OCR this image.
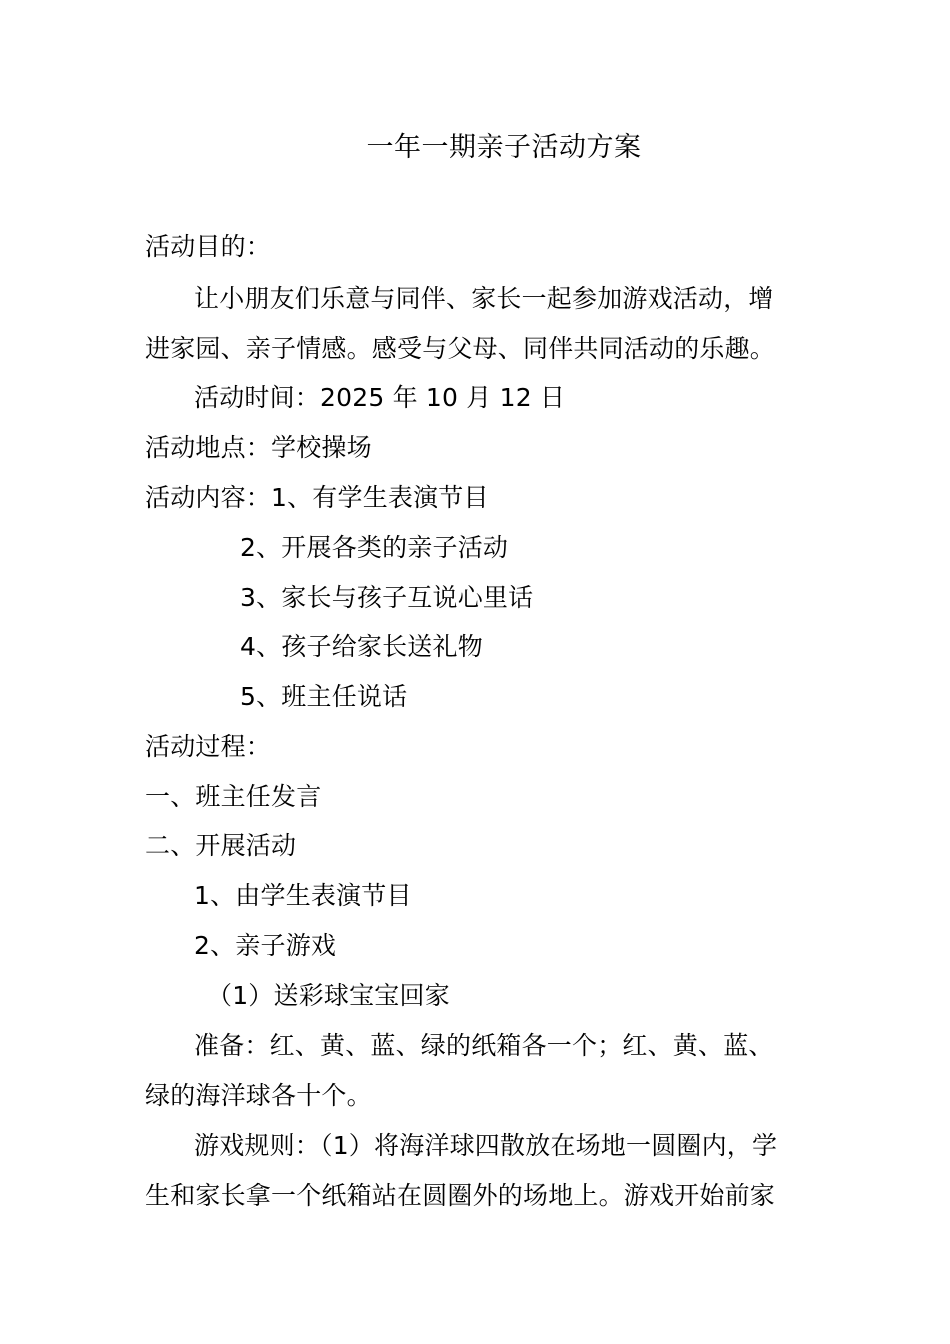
一年一期亲子活动方案
活动目的：
让小朋友们乐意与同伴、家长一起参加游戏活动，增
进家园、亲子情感。感受与父母、同伴共同活动的乐趣。
活动时间：2025 年 10 月 12 日
活动地点：学校操场
活动内容：1、有学生表演节目
2、开展各类的亲子活动
3、家长与孩子互说心里话
4、孩子给家长送礼物
5、班主任说话
活动过程：
一、班主任发言
二、开展活动
1、由学生表演节目
2、亲子游戏
（1）送彩球宝宝回家
准备：红、黄、蓝、绿的纸箱各一个；红、黄、蓝、
绿的海洋球各十个。
游戏规则：（1）将海洋球四散放在场地一圆圈内，学
生和家长拿一个纸箱站在圆圈外的场地上。游戏开始前家
